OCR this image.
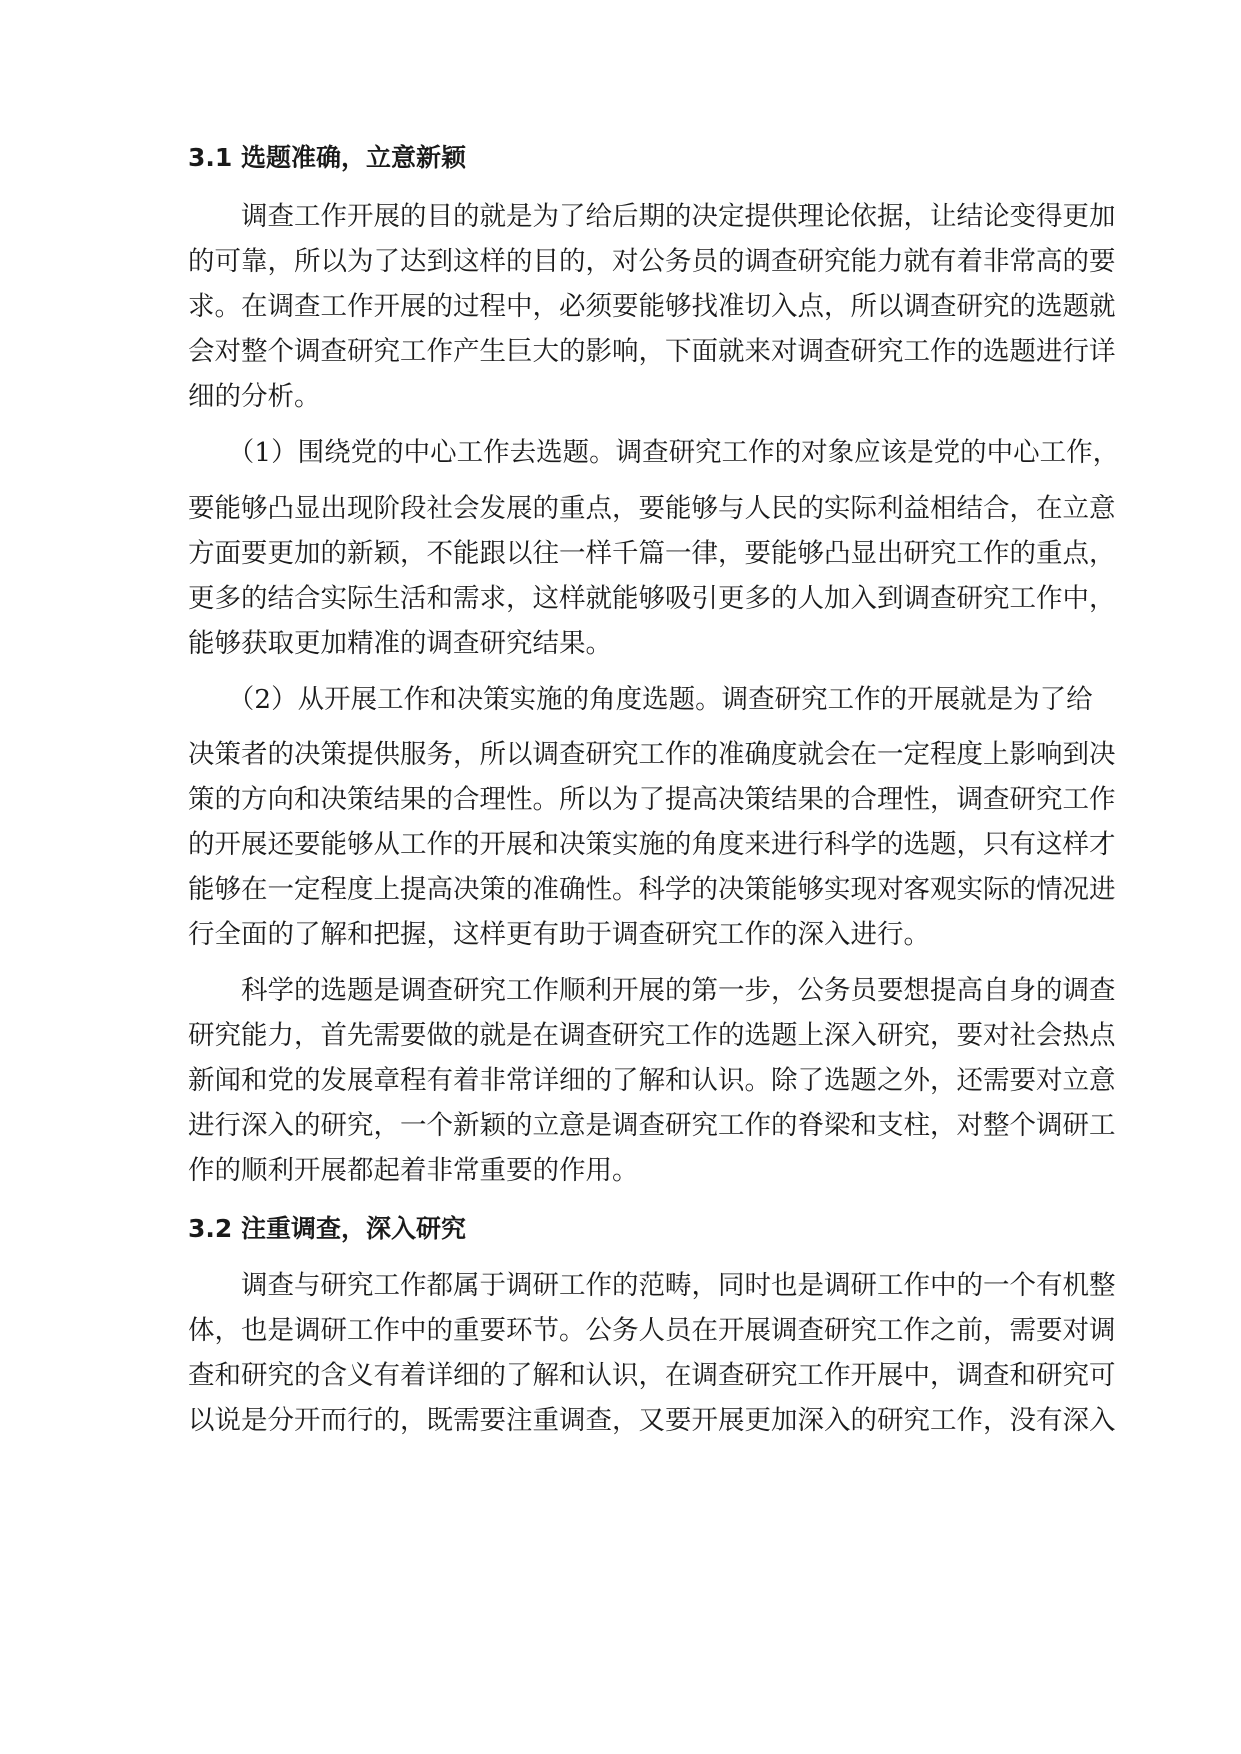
3.1 选题准确，立意新颖
　　调查工作开展的目的就是为了给后期的决定提供理论依据，让结论变得更加
的可靠，所以为了达到这样的目的，对公务员的调查研究能力就有着非常高的要
求。在调查工作开展的过程中，必须要能够找准切入点，所以调查研究的选题就
会对整个调查研究工作产生巨大的影响，下面就来对调查研究工作的选题进行详
细的分析。
　　（1）围绕党的中心工作去选题。调查研究工作的对象应该是党的中心工作，
要能够凸显出现阶段社会发展的重点，要能够与人民的实际利益相结合，在立意
方面要更加的新颖，不能跟以往一样千篇一律，要能够凸显出研究工作的重点，
更多的结合实际生活和需求，这样就能够吸引更多的人加入到调查研究工作中，
能够获取更加精准的调查研究结果。
　　（2）从开展工作和决策实施的角度选题。调查研究工作的开展就是为了给
决策者的决策提供服务，所以调查研究工作的准确度就会在一定程度上影响到决
策的方向和决策结果的合理性。所以为了提高决策结果的合理性，调查研究工作
的开展还要能够从工作的开展和决策实施的角度来进行科学的选题，只有这样才
能够在一定程度上提高决策的准确性。科学的决策能够实现对客观实际的情况进
行全面的了解和把握，这样更有助于调查研究工作的深入进行。
　　科学的选题是调查研究工作顺利开展的第一步，公务员要想提高自身的调查
研究能力，首先需要做的就是在调查研究工作的选题上深入研究，要对社会热点
新闻和党的发展章程有着非常详细的了解和认识。除了选题之外，还需要对立意
进行深入的研究，一个新颖的立意是调查研究工作的脊梁和支柱，对整个调研工
作的顺利开展都起着非常重要的作用。
3.2 注重调查，深入研究
　　调查与研究工作都属于调研工作的范畴，同时也是调研工作中的一个有机整
体，也是调研工作中的重要环节。公务人员在开展调查研究工作之前，需要对调
查和研究的含义有着详细的了解和认识，在调查研究工作开展中，调查和研究可
以说是分开而行的，既需要注重调查，又要开展更加深入的研究工作，没有深入
